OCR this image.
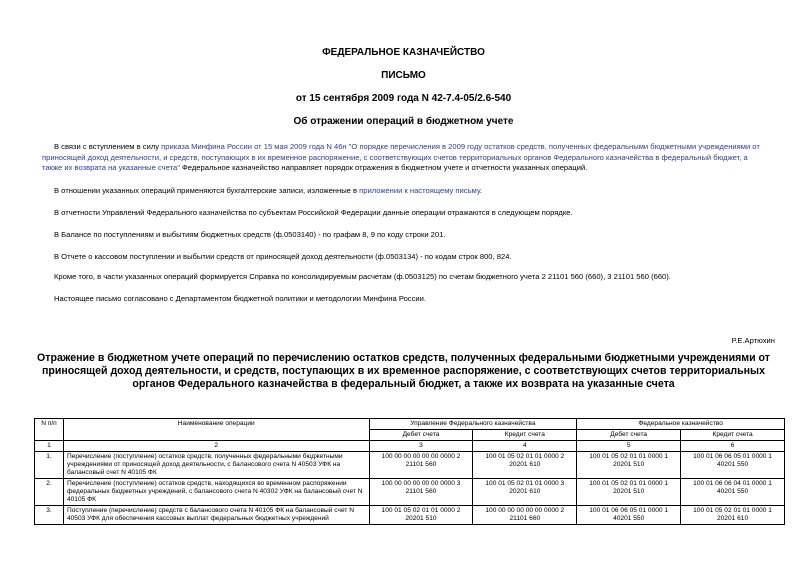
ФЕДЕРАЛЬНОЕ КАЗНАЧЕЙСТВО
ПИСЬМО
от 15 сентября 2009 года N 42-7.4-05/2.6-540
Об отражении операций в бюджетном учете
В связи с вступлением в силу приказа Минфина России от 15 мая 2009 года N 46н "О порядке перечисления в 2009 году остатков средств, полученных федеральными бюджетными учреждениями от приносящей доход деятельности, и средств, поступающих в их временное распоряжение, с соответствующих счетов территориальных органов Федерального казначейства в федеральный бюджет, а также их возврата на указанные счета" Федеральное казначейство направляет порядок отражения в бюджетном учете и отчетности указанных операций.
В отношении указанных операций применяются бухгалтерские записи, изложенные в приложении к настоящему письму.
В отчетности Управлений Федерального казначейства по субъектам Российской Федерации данные операции отражаются в следующем порядке.
В Балансе по поступлениям и выбытиям бюджетных средств (ф.0503140) - по графам 8, 9 по коду строки 201.
В Отчете о кассовом поступлении и выбытии средств от приносящей доход деятельности (ф.0503134) - по кодам строк 800, 824.
Кроме того, в части указанных операций формируется Справка по консолидируемым расчетам (ф.0503125) по счетам бюджетного учета 2 21101 560 (660), 3 21101 560 (660).
Настоящее письмо согласовано с Департаментом бюджетной политики и методологии Минфина России.
Р.Е.Артюхин
Отражение в бюджетном учете операций по перечислению остатков средств, полученных федеральными бюджетными учреждениями от приносящей доход деятельности, и средств, поступающих в их временное распоряжение, с соответствующих счетов территориальных органов Федерального казначейства в федеральный бюджет, а также их возврата на указанные счета
N п/п	Наименование операции	Управление Федерального казначейства		Федеральное казначейство	
		Дебет счета	Кредит счета	Дебет счета	Кредит счета
1	2	3	4	5	6
1.	Перечисление (поступление) остатков средств, полученных федеральными бюджетными учреждениями от приносящей доход деятельности, с балансового счета N 40503 УФК на балансовый счет N 40105 ФК	100 00 00 00 00 00 0000 2 21101 560	100 01 05 02 01 01 0000 2 20201 610	100 01 05 02 01 01 0000 1 20201 510	100 01 06 06 05 01 0000 1 40201 550
2.	Перечисление (поступление) остатков средств, находящихся во временном распоряжении федеральных бюджетных учреждений, с балансового счета N 40302 УФК на балансовый счет N 40105 ФК	100 00 00 00 00 00 0000 3 21101 560	100 01 05 02 01 01 0000 3 20201 610	100 01 05 02 01 01 0000 1 20201 510	100 01 06 06 04 01 0000 1 40201 550
3.	Поступление (перечисление) средств с балансового счета N 40105 ФК на балансовый счет N 40503 УФК для обеспечения кассовых выплат федеральных бюджетных учреждений	100 01 05 02 01 01 0000 2 20201 510	100 00 00 00 00 00 0000 2 21101 660	100 01 06 06 05 01 0000 1 40201 550	100 01 05 02 01 01 0000 1 20201 610
